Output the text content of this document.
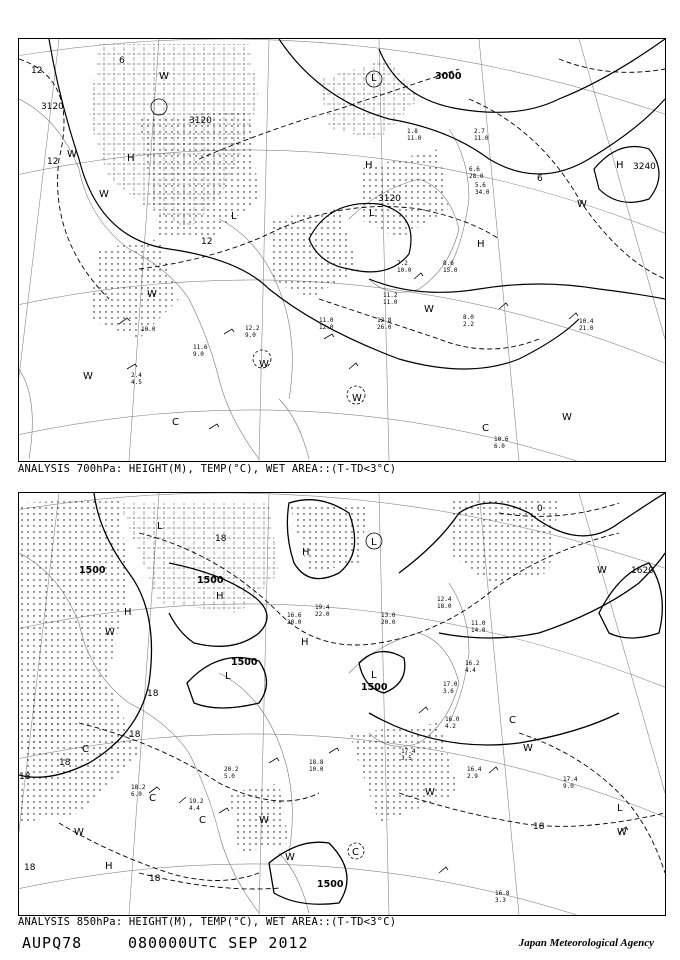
3120
3120
3120
3000
3240
12
12
12
6
6
H
H
H
H
L
L
L
C
C
W
W
W
W
W
W
W
W
W
W
10.0
11.6
9.0
12.2
9.0
11.0
12.0
12.8
26.0
11.2
11.0
8.0
2.2	10.4
21.0
10.6
6.0
2.4
4.5
6.6
28.0
5.6
34.0
2.7
11.0
1.8
11.0
8.6
15.0
7.2
10.0
ANALYSIS 700hPa: HEIGHT(M), TEMP(°C), WET AREA::(T-TD<3°C)
1500
1500
1500
1500
1500
1620
18
18
18
18
18
18
18
18
0
H
H
H
H
H
L
L
L	L
L
C
C
C
C
C
W
W
W
W
W
W
W
W
19.4
22.0
16.6
20.0
13.0
20.0
12.4
18.0
11.0
14.0
16.2
4.4
17.0
3.6
16.0
4.2
16.4
2.9	17.4
9.0
16.8
3.3
18.2
6.0
19.2
4.4
20.2
5.0
18.8
10.0
17.4
3.5
ANALYSIS 850hPa: HEIGHT(M), TEMP(°C), WET AREA::(T-TD<3°C)
AUPQ78	080000UTC SEP 2012	Japan Meteorological Agency
